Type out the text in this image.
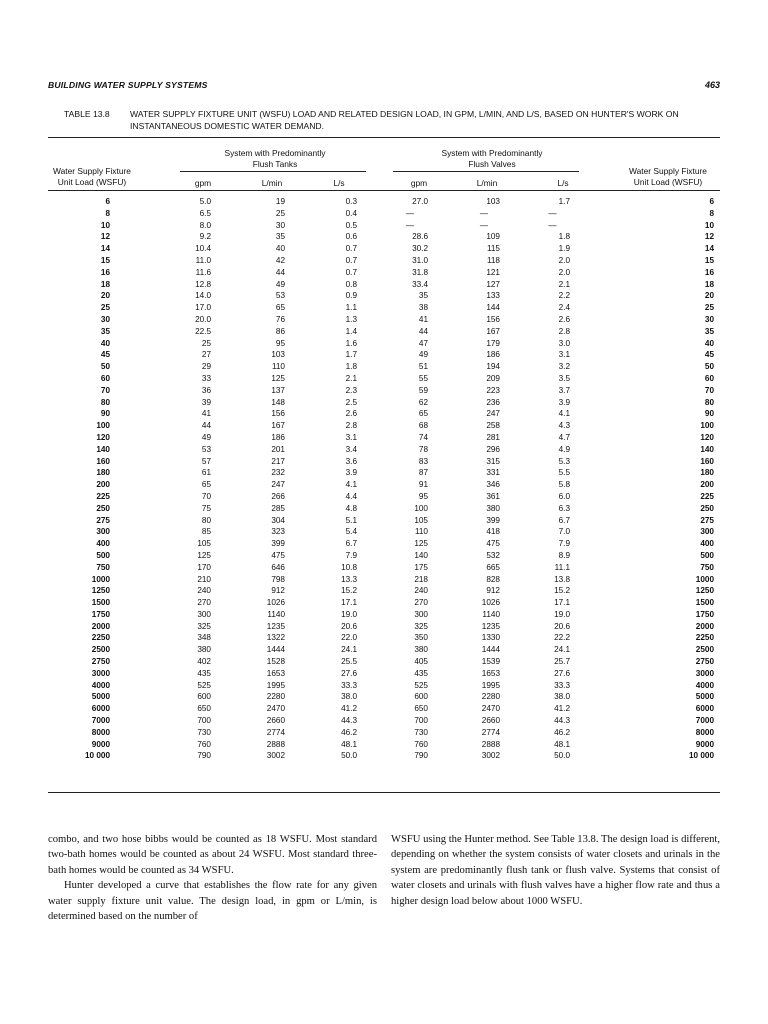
BUILDING WATER SUPPLY SYSTEMS	463
TABLE 13.8	WATER SUPPLY FIXTURE UNIT (WSFU) LOAD AND RELATED DESIGN LOAD, IN GPM, L/MIN, AND L/S, BASED ON HUNTER'S WORK ON INSTANTANEOUS DOMESTIC WATER DEMAND.
System with Predominantly
Flush Tanks
System with Predominantly
Flush Valves
Water Supply Fixture
Unit Load (WSFU)
Water Supply Fixture
Unit Load (WSFU)
gpm	L/min	L/s	gpm	L/min	L/s
6	5.0	19	0.3	27.0	103	1.7	6
8	6.5	25	0.4	—	—	—	8
10	8.0	30	0.5	—	—	—	10
12	9.2	35	0.6	28.6	109	1.8	12
14	10.4	40	0.7	30.2	115	1.9	14
15	11.0	42	0.7	31.0	118	2.0	15
16	11.6	44	0.7	31.8	121	2.0	16
18	12.8	49	0.8	33.4	127	2.1	18
20	14.0	53	0.9	35	133	2.2	20
25	17.0	65	1.1	38	144	2.4	25
30	20.0	76	1.3	41	156	2.6	30
35	22.5	86	1.4	44	167	2.8	35
40	25	95	1.6	47	179	3.0	40
45	27	103	1.7	49	186	3.1	45
50	29	110	1.8	51	194	3.2	50
60	33	125	2.1	55	209	3.5	60
70	36	137	2.3	59	223	3.7	70
80	39	148	2.5	62	236	3.9	80
90	41	156	2.6	65	247	4.1	90
100	44	167	2.8	68	258	4.3	100
120	49	186	3.1	74	281	4.7	120
140	53	201	3.4	78	296	4.9	140
160	57	217	3.6	83	315	5.3	160
180	61	232	3.9	87	331	5.5	180
200	65	247	4.1	91	346	5.8	200
225	70	266	4.4	95	361	6.0	225
250	75	285	4.8	100	380	6.3	250
275	80	304	5.1	105	399	6.7	275
300	85	323	5.4	110	418	7.0	300
400	105	399	6.7	125	475	7.9	400
500	125	475	7.9	140	532	8.9	500
750	170	646	10.8	175	665	11.1	750
1000	210	798	13.3	218	828	13.8	1000
1250	240	912	15.2	240	912	15.2	1250
1500	270	1026	17.1	270	1026	17.1	1500
1750	300	1140	19.0	300	1140	19.0	1750
2000	325	1235	20.6	325	1235	20.6	2000
2250	348	1322	22.0	350	1330	22.2	2250
2500	380	1444	24.1	380	1444	24.1	2500
2750	402	1528	25.5	405	1539	25.7	2750
3000	435	1653	27.6	435	1653	27.6	3000
4000	525	1995	33.3	525	1995	33.3	4000
5000	600	2280	38.0	600	2280	38.0	5000
6000	650	2470	41.2	650	2470	41.2	6000
7000	700	2660	44.3	700	2660	44.3	7000
8000	730	2774	46.2	730	2774	46.2	8000
9000	760	2888	48.1	760	2888	48.1	9000
10 000	790	3002	50.0	790	3002	50.0	10 000

combo, and two hose bibbs would be counted as 18 WSFU. Most standard two-bath homes would be counted as about 24 WSFU. Most standard three-bath homes would be counted as 34 WSFU.

Hunter developed a curve that establishes the flow rate for any given water supply fixture unit value. The design load, in gpm or L/min, is determined based on the number of

WSFU using the Hunter method. See Table 13.8. The design load is different, depending on whether the system consists of water closets and urinals in the system are predominantly flush tank or flush valve. Systems that consist of water closets and urinals with flush valves have a higher flow rate and thus a higher design load below about 1000 WSFU.
